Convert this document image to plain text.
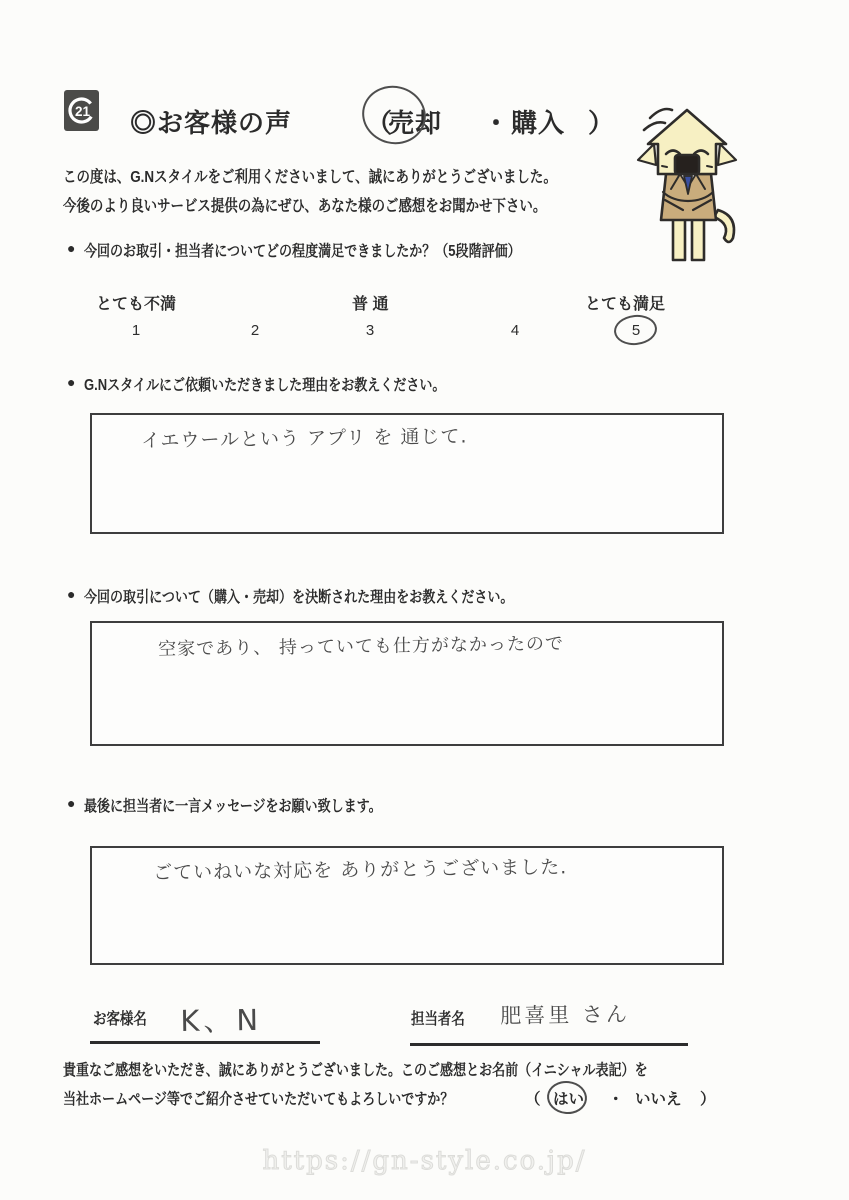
21 ◎お客様の声	（
売却 ・ 購入 ）
この度は、G.Nスタイルをご利用くださいまして、誠にありがとうございました。
今後のより良いサービス提供の為にぜひ、あなた様のご感想をお聞かせ下さい。
● 今回のお取引・担当者についてどの程度満足できましたか？（5段階評価）
とても不満	普 通	とても満足
1	2	3	4	5
● G.Nスタイルにご依頼いただきました理由をお教えください。
イエウールという アプリ を 通じて.
● 今回の取引について（購入・売却）を決断された理由をお教えください。
空家であり、 持っていても仕方がなかったので
● 最後に担当者に一言メッセージをお願い致します。
ごていねいな対応を ありがとうございました.
お客様名 K、N	担当者名 肥喜里 さん
貴重なご感想をいただき、誠にありがとうございました。このご感想とお名前（イニシャル表記）を
当社ホームページ等でご紹介させていただいてもよろしいですか？	（ はい ・ いいえ ）
https://gn-style.co.jp/
